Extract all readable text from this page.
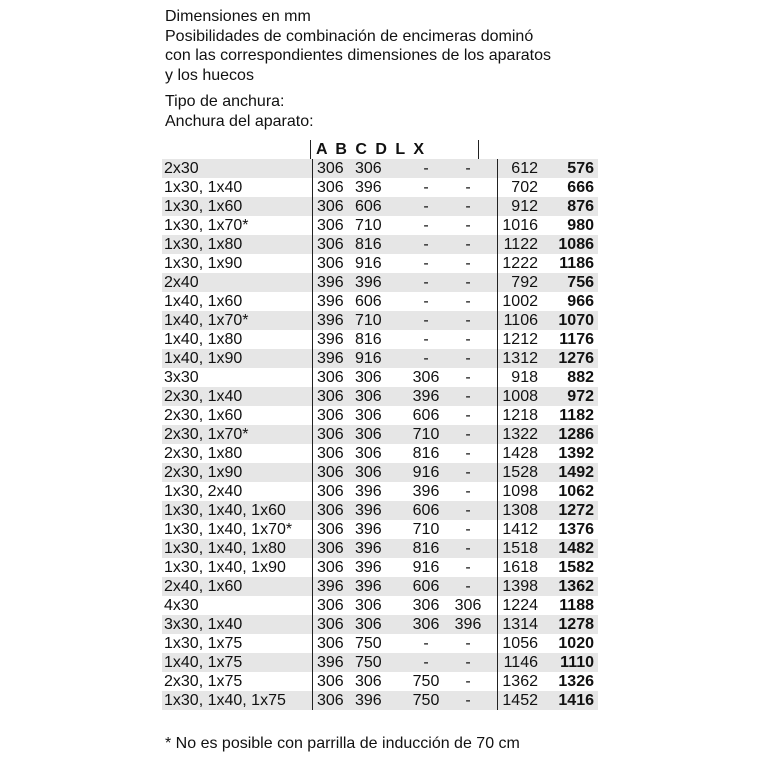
Dimensiones en mm
Posibilidades de combinación de encimeras dominó
con las correspondientes dimensiones de los aparatos
y los huecos
Tipo de anchura:
Anchura del aparato:
A B C D L X
2x30	306	306	-	-		612	576
1x30, 1x40	306	396	-	-		702	666
1x30, 1x60	306	606	-	-		912	876
1x30, 1x70*	306	710	-	-		1016	980
1x30, 1x80	306	816	-	-		1122	1086
1x30, 1x90	306	916	-	-		1222	1186
2x40	396	396	-	-		792	756
1x40, 1x60	396	606	-	-		1002	966
1x40, 1x70*	396	710	-	-		1106	1070
1x40, 1x80	396	816	-	-		1212	1176
1x40, 1x90	396	916	-	-		1312	1276
3x30	306	306	306	-		918	882
2x30, 1x40	306	306	396	-		1008	972
2x30, 1x60	306	306	606	-		1218	1182
2x30, 1x70*	306	306	710	-		1322	1286
2x30, 1x80	306	306	816	-		1428	1392
2x30, 1x90	306	306	916	-		1528	1492
1x30, 2x40	306	396	396	-		1098	1062
1x30, 1x40, 1x60	306	396	606	-		1308	1272
1x30, 1x40, 1x70*	306	396	710	-		1412	1376
1x30, 1x40, 1x80	306	396	816	-		1518	1482
1x30, 1x40, 1x90	306	396	916	-		1618	1582
2x40, 1x60	396	396	606	-		1398	1362
4x30	306	306	306	306		1224	1188
3x30, 1x40	306	306	306	396		1314	1278
1x30, 1x75	306	750	-	-		1056	1020
1x40, 1x75	396	750	-	-		1146	1110
2x30, 1x75	306	306	750	-		1362	1326
1x30, 1x40, 1x75	306	396	750	-		1452	1416
* No es posible con parrilla de inducción de 70 cm
